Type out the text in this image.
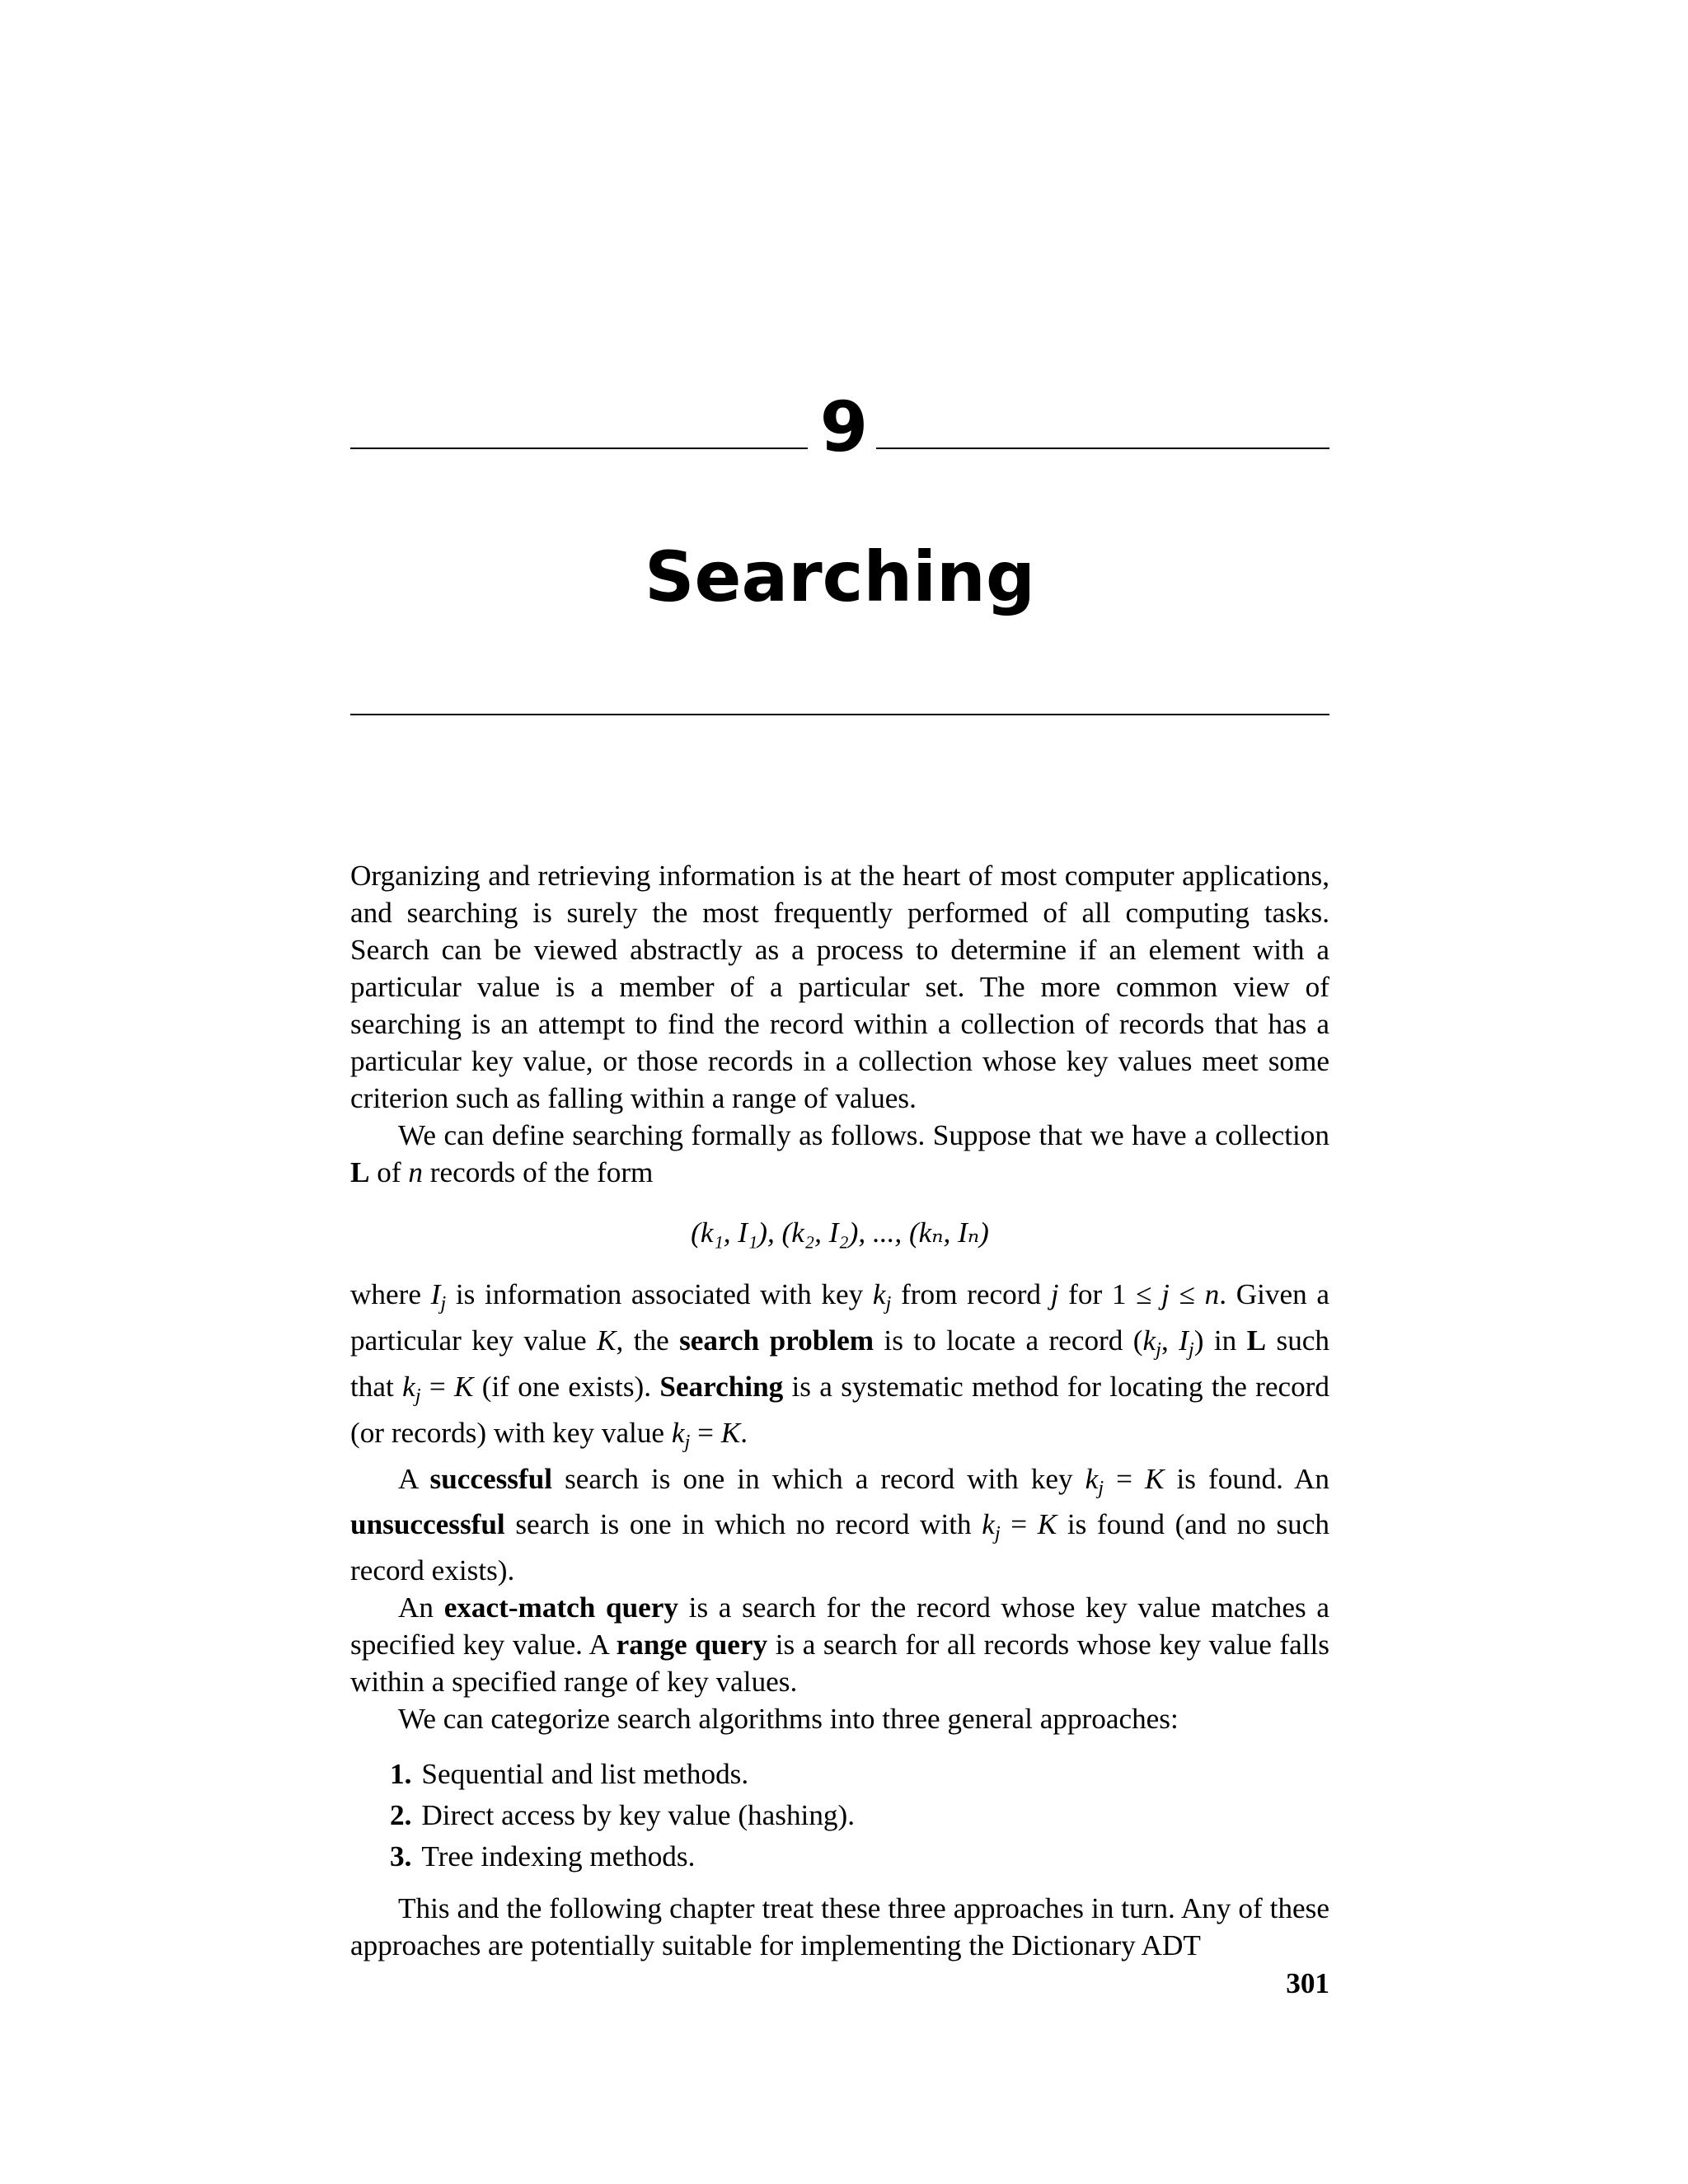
9
Searching

Organizing and retrieving information is at the heart of most computer applications, and searching is surely the most frequently performed of all computing tasks. Search can be viewed abstractly as a process to determine if an element with a particular value is a member of a particular set. The more common view of searching is an attempt to find the record within a collection of records that has a particular key value, or those records in a collection whose key values meet some criterion such as falling within a range of values.

We can define searching formally as follows. Suppose that we have a collection L of n records of the form

(k₁, I₁), (k₂, I₂), ..., (kₙ, Iₙ)

where $I_j$ is information associated with key $k_j$ from record j for 1 ≤ j ≤ n. Given a particular key value K, the search problem is to locate a record ($k_j$, $I_j$) in L such that $k_j = K$ (if one exists). Searching is a systematic method for locating the record (or records) with key value $k_j = K$.

A successful search is one in which a record with key $k_j = K$ is found. An unsuccessful search is one in which no record with $k_j = K$ is found (and no such record exists).

An exact-match query is a search for the record whose key value matches a specified key value. A range query is a search for all records whose key value falls within a specified range of key values.

We can categorize search algorithms into three general approaches:

1. Sequential and list methods.
2. Direct access by key value (hashing).
3. Tree indexing methods.

This and the following chapter treat these three approaches in turn. Any of these approaches are potentially suitable for implementing the Dictionary ADT

301
